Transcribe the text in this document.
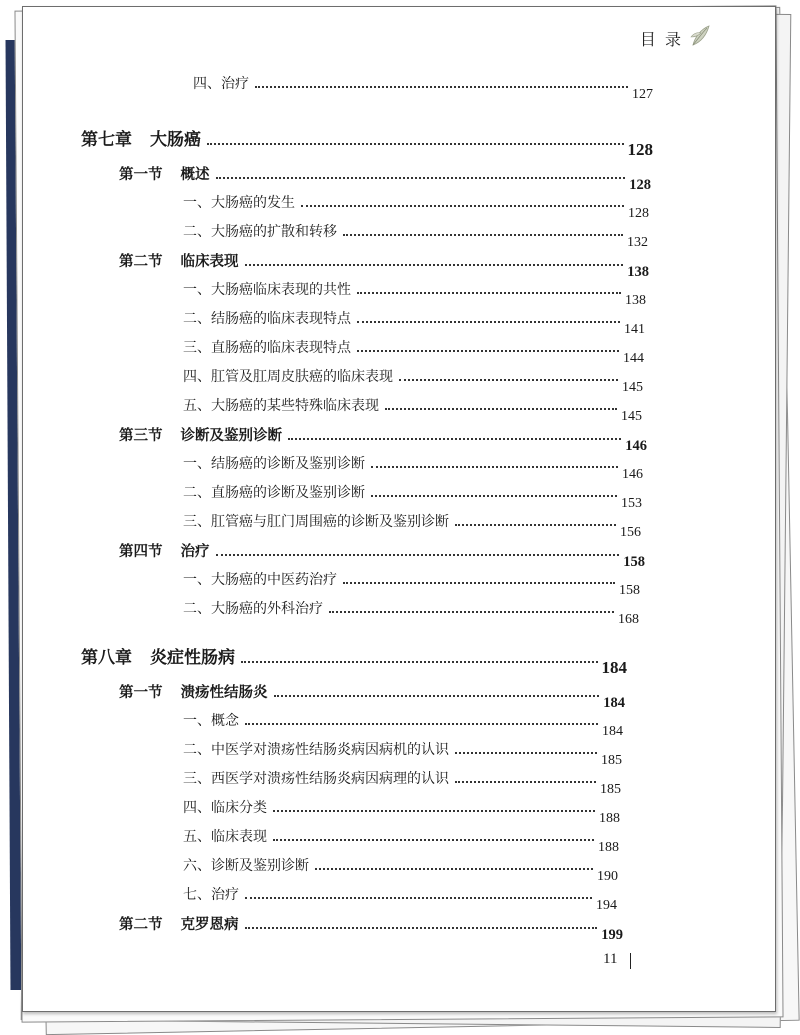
目 录
四、治疗
127
第七章 大肠癌	128
第一节 概述
128
一、大肠癌的发生
128
二、大肠癌的扩散和转移
132
第二节 临床表现
138
一、大肠癌临床表现的共性
138
二、结肠癌的临床表现特点
141
三、直肠癌的临床表现特点
144
四、肛管及肛周皮肤癌的临床表现
145
五、大肠癌的某些特殊临床表现
145
第三节 诊断及鉴别诊断
146
一、结肠癌的诊断及鉴别诊断
146
二、直肠癌的诊断及鉴别诊断
153
三、肛管癌与肛门周围癌的诊断及鉴别诊断
156
第四节 治疗
158
一、大肠癌的中医药治疗
158
二、大肠癌的外科治疗
168
第八章 炎症性肠病	184
第一节 溃疡性结肠炎
184
一、概念
184
二、中医学对溃疡性结肠炎病因病机的认识
185
三、西医学对溃疡性结肠炎病因病理的认识
185
四、临床分类
188
五、临床表现
188
六、诊断及鉴别诊断
190
七、治疗
194
第二节 克罗恩病
199
11
